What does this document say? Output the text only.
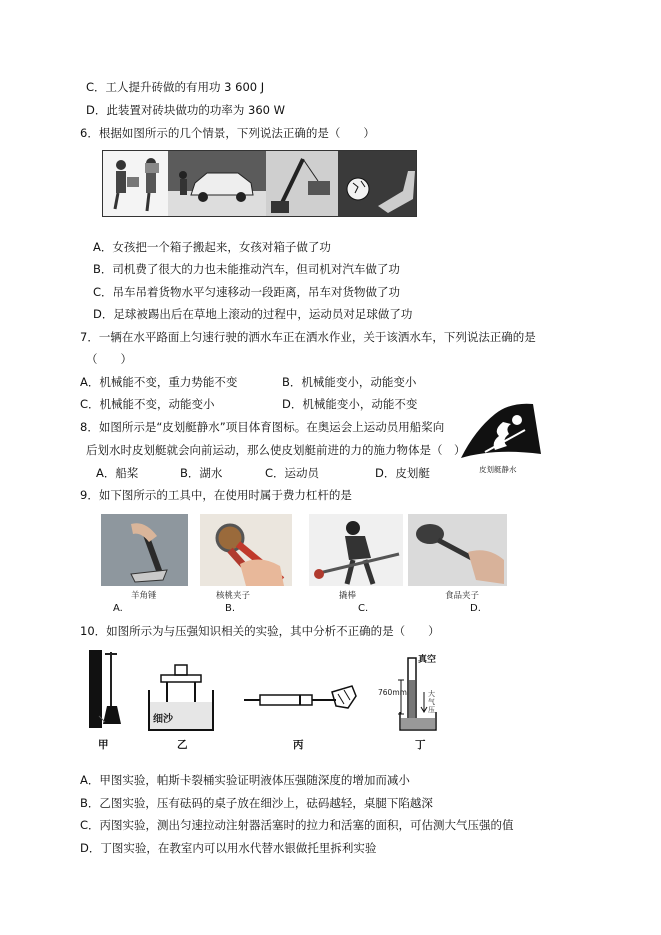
C．工人提升砖做的有用功 3 600 J
D．此装置对砖块做功的功率为 360 W
6．根据如图所示的几个情景，下列说法正确的是（　　）
A．女孩把一个箱子搬起来，女孩对箱子做了功
B．司机费了很大的力也未能推动汽车，但司机对汽车做了功
C．吊车吊着货物水平匀速移动一段距离，吊车对货物做了功
D．足球被踢出后在草地上滚动的过程中，运动员对足球做了功
7．一辆在水平路面上匀速行驶的洒水车正在洒水作业，关于该洒水车，下列说法正确的是
（　　）
A．机械能不变，重力势能不变	B．机械能变小，动能变小
C．机械能不变，动能变小	D．机械能变小，动能不变
8．如图所示是“皮划艇静水”项目体育图标。在奥运会上运动员用船桨向
后划水时皮划艇就会向前运动，那么使皮划艇前进的力的施力物体是（　）
A．船桨	B．湖水	C．运动员	D．皮划艇	皮划艇静水
9．如下图所示的工具中，在使用时属于费力杠杆的是
羊角锤
A.
核桃夹子
B.
撬棒
C.
食品夹子
D.
10．如图所示为与压强知识相关的实验，其中分析不正确的是（　　）
甲
细沙
乙	丙
真空
760mm	大气压
丁
A．甲图实验，帕斯卡裂桶实验证明液体压强随深度的增加而减小
B．乙图实验，压有砝码的桌子放在细沙上，砝码越轻，桌腿下陷越深
C．丙图实验，测出匀速拉动注射器活塞时的拉力和活塞的面积，可估测大气压强的值
D．丁图实验，在教室内可以用水代替水银做托里拆利实验
